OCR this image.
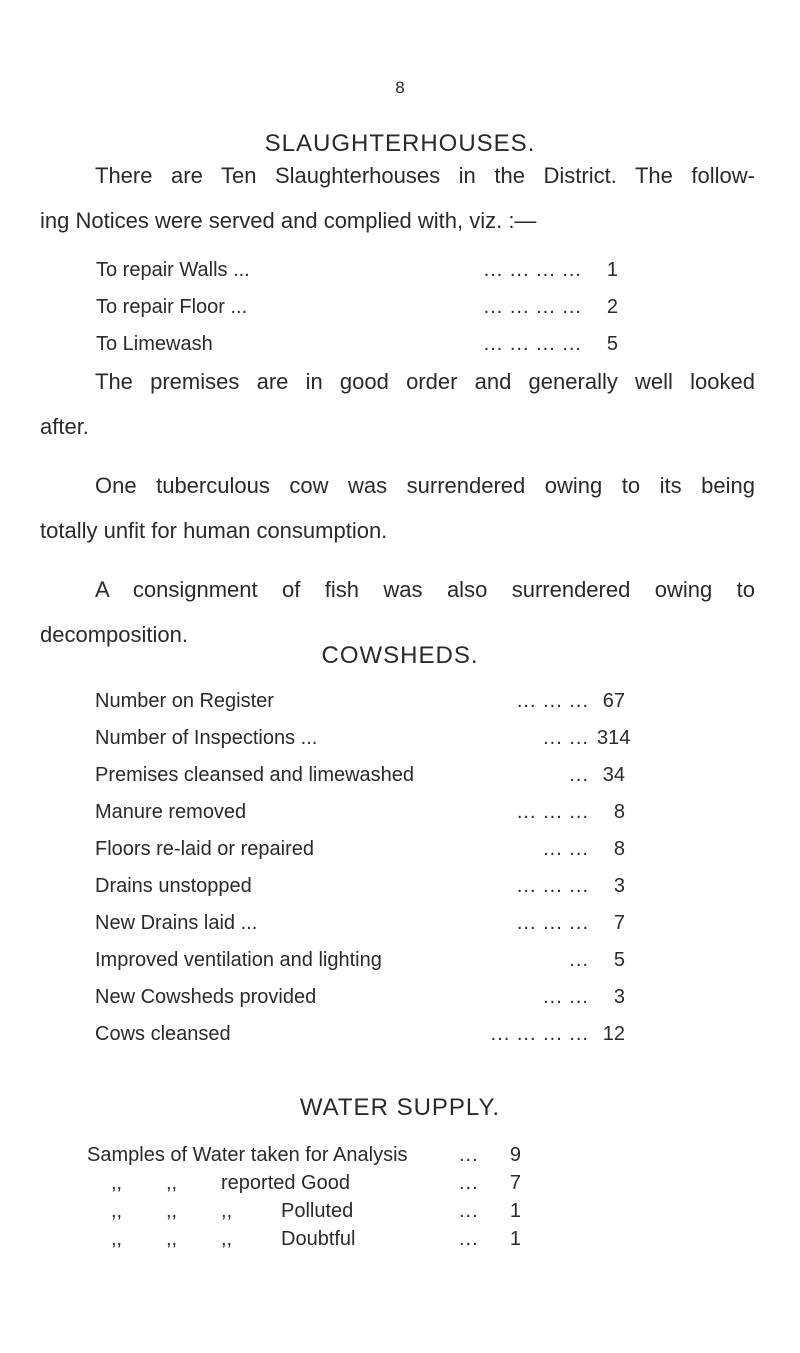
8
SLAUGHTERHOUSES.
There are Ten Slaughterhouses in the District. The follow-
ing Notices were served and complied with, viz. :—
To repair Walls ...	... ... ... ...	1
To repair Floor ...	... ... ... ...	2
To Limewash	... ... ... ...	5
The premises are in good order and generally well looked
after.
One tuberculous cow was surrendered owing to its being
totally unfit for human consumption.
A consignment of fish was also surrendered owing to
decomposition.
COWSHEDS.
Number on Register	... ... ... 67
Number of Inspections ...	... ... 314
Premises cleansed and limewashed	... 34
Manure removed	... ... ...	8
Floors re-laid or repaired	... ...	8
Drains unstopped	... ... ...	3
New Drains laid ...	... ... ...	7
Improved ventilation and lighting	...	5
New Cowsheds provided	... ...	3
Cows cleansed	... ... ... ... 12
WATER SUPPLY.
Samples of Water taken for Analysis	...	9
,, ,, reported Good	...	7
,, ,, ,, Polluted	...	1
,, ,, ,, Doubtful	...	1
